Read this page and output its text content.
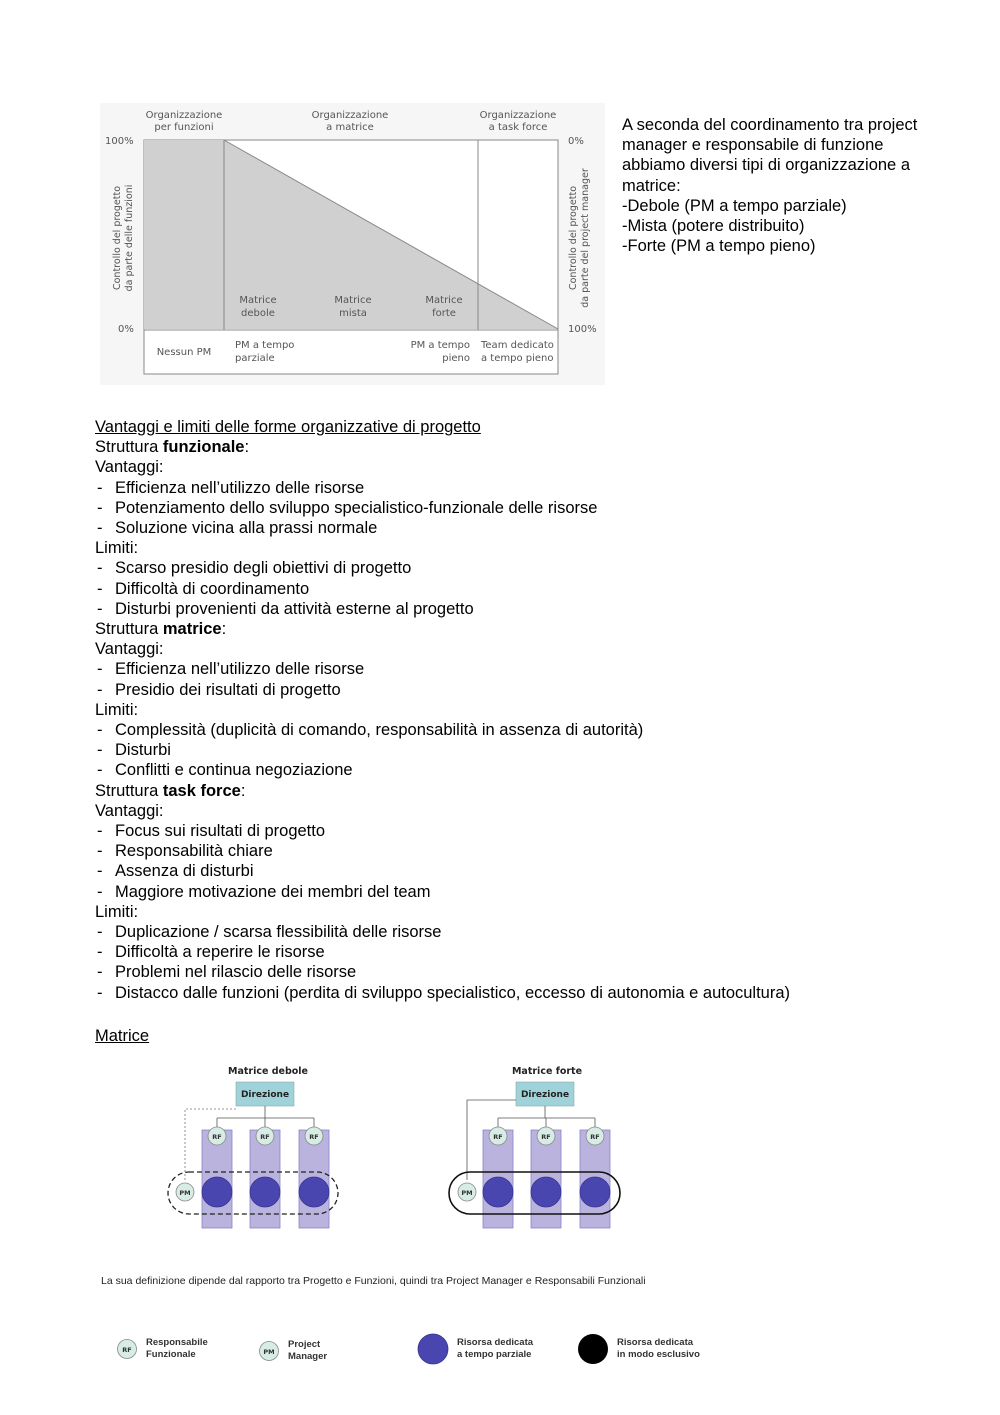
Organizzazione per funzioni
Organizzazione a matrice
Organizzazione a task force
100%
0%
0%
100%
Controllo del progettoda parte delle funzioni	Controllo del progettoda parte del project manager
Matrice debole
Matrice mista
Matrice forte
Nessun PM
PM a tempo parziale
PM a tempo pieno
Team dedicato a tempo pieno
A seconda del coordinamento tra project manager e responsabile di funzione abbiamo diversi tipi di organizzazione a matrice:
-Debole (PM a tempo parziale)
-Mista (potere distribuito)
-Forte (PM a tempo pieno)

Vantaggi e limiti delle forme organizzative di progetto

Struttura funzionale:

Vantaggi:

- Efficienza nell’utilizzo delle risorse

- Potenziamento dello sviluppo specialistico-funzionale delle risorse

- Soluzione vicina alla prassi normale

Limiti:

- Scarso presidio degli obiettivi di progetto

- Difficoltà di coordinamento

- Disturbi provenienti da attività esterne al progetto

Struttura matrice:

Vantaggi:

- Efficienza nell’utilizzo delle risorse

- Presidio dei risultati di progetto

Limiti:

- Complessità (duplicità di comando, responsabilità in assenza di autorità)

- Disturbi

- Conflitti e continua negoziazione

Struttura task force:

Vantaggi:

- Focus sui risultati di progetto

- Responsabilità chiare

- Assenza di disturbi

- Maggiore motivazione dei membri del team

Limiti:

- Duplicazione / scarsa flessibilità delle risorse

- Difficoltà a reperire le risorse

- Problemi nel rilascio delle risorse

- Distacco dalle funzioni (perdita di sviluppo specialistico, eccesso di autonomia e autocultura)

Matrice
Matrice debole
Direzione
RF	RF	RF
PM
Matrice forte
Direzione
RF	RF	RF
PM
La sua definizione dipende dal rapporto tra Progetto e Funzioni, quindi tra Project Manager e Responsabili Funzionali
RF
Responsabile
Funzionale	PM
Project
Manager
Risorsa dedicata
a tempo parziale
Risorsa dedicata
in modo esclusivo
